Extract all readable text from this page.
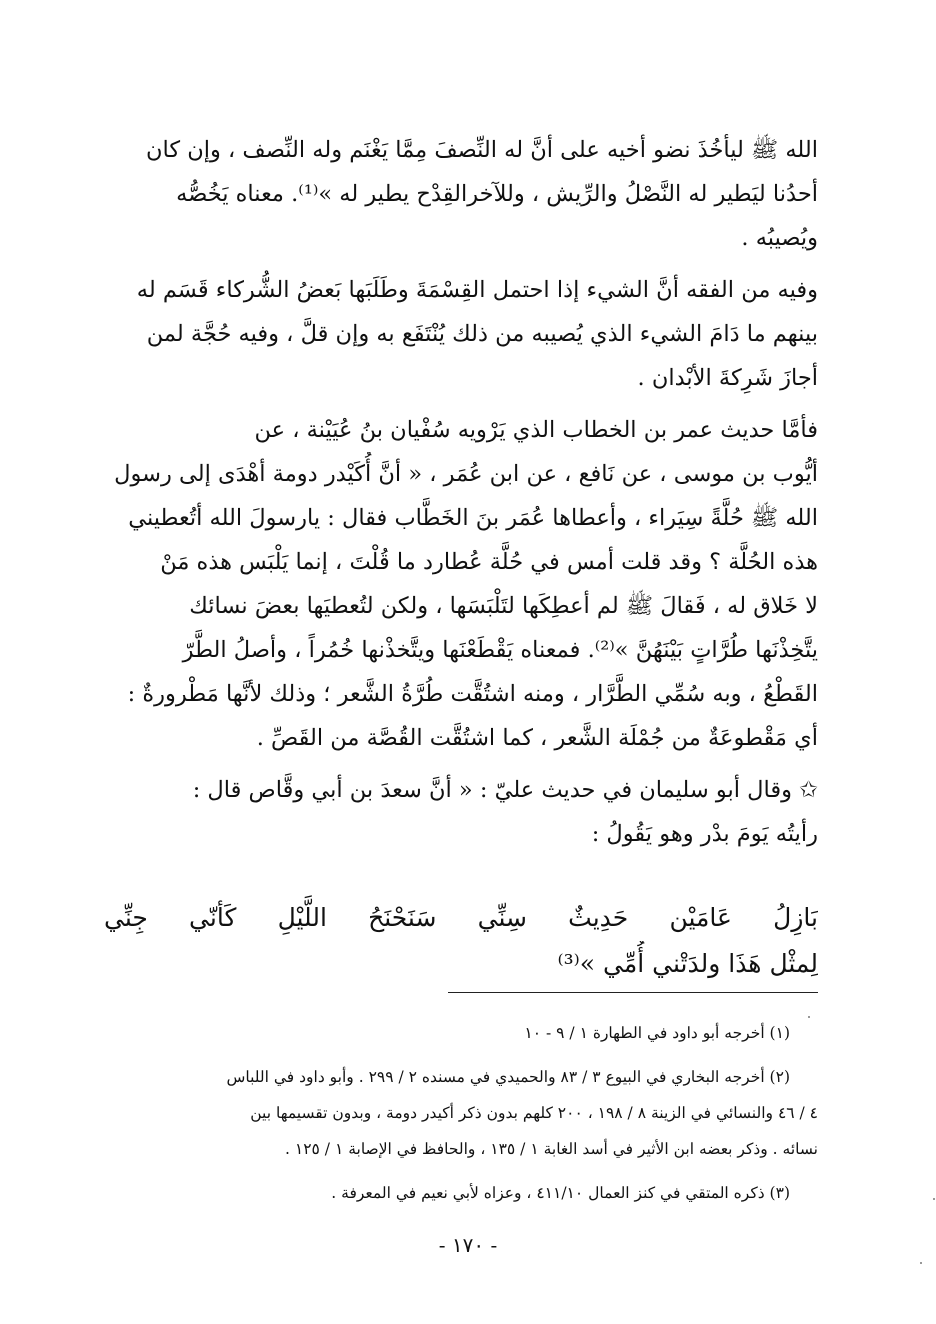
الله ﷺ ليأخُذَ نضو أخيه على أنَّ له النِّصفَ مِمَّا يَغْنَم وله النِّصف ، وإن كان
أحدُنا ليَطير له النَّصْلُ والرِّيش ، وللآخرالقِدْح يطير له »⁽¹⁾. معناه يَخُصُّه
ويُصيبُه .

وفيه من الفقه أنَّ الشيء إذا احتمل القِسْمَةَ وطَلَبَها بَعضُ الشُّركاء قَسَم له
بينهم ما دَامَ الشيء الذي يُصيبه من ذلك يُنْتَفَع به وإن قلَّ ، وفيه حُجَّة لمن
أجازَ شَرِكةَ الأبْدان .

فأمَّا حديث عمر بن الخطاب الذي يَرْويه سُفْيان بنُ عُيَيْنة ، عن
أيُّوب بن موسى ، عن نَافع ، عن ابن عُمَر ، « أنَّ أُكَيْدر دومة أهْدَى إلى رسول
الله ﷺ حُلَّةً سِيَراء ، وأعطاها عُمَر بنَ الخَطَّاب فقال : يارسولَ الله أتُعطيني
هذه الحُلَّة ؟ وقد قلت أمس في حُلَّة عُطارد ما قُلْتَ ، إنما يَلْبَس هذه مَنْ
لا خَلاق له ، فَقالَ ﷺ لم أعطِكَها لتَلْبَسَها ، ولكن لتُعطيَها بعضَ نسائك
يتَّخِذْنَها طُرَّاتٍ بَيْنَهُنَّ »⁽²⁾. فمعناه يَقْطَعْنَها ويتَّخذْنها خُمُراً ، وأصلُ الطَّرّ
القَطْعُ ، وبه سُمِّي الطَّرَّار ، ومنه اشتُقَّت طُرَّةُ الشَّعر ؛ وذلك لأنَّها مَطْرورةٌ :
أي مَقْطوعَةٌ من جُمْلَة الشَّعر ، كما اشتُقَّت القُصَّة من القَصِّ .

✩ وقال أبو سليمان في حديث عليّ : « أنَّ سعدَ بن أبي وقَّاص قال :
رأيتُه يَومَ بدْر وهو يَقُولُ :

بَازِلُ عَامَيْن حَدِيثٌ سِنِّي سَنَحْنَحُ اللَّيْلِ كَأنّي جِنِّي
لِمثْل هَذَا ولدَتْني أُمِّي »⁽³⁾

(١) أخرجه أبو داود في الطهارة ١ / ٩ - ١٠

(٢) أخرجه البخاري في البيوع ٣ / ٨٣ والحميدي في مسنده ٢ / ٢٩٩ . وأبو داود في اللباس
٤ / ٤٦ والنسائي في الزينة ٨ / ١٩٨ ، ٢٠٠ كلهم بدون ذكر أكيدر دومة ، وبدون تقسيمها بين
نسائه . وذكر بعضه ابن الأثير في أسد الغابة ١ / ١٣٥ ، والحافظ في الإصابة ١ / ١٢٥ .

(٣) ذكره المتقي في كنز العمال ٤١١/١٠ ، وعزاه لأبي نعيم في المعرفة .

- ١٧٠ -
